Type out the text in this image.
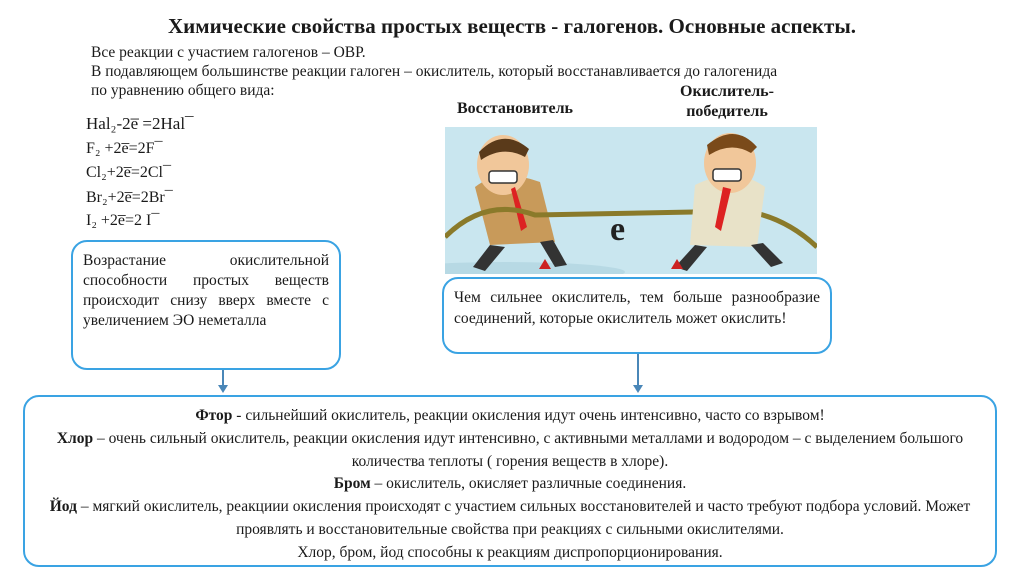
Химические свойства простых веществ - галогенов. Основные аспекты.
Все реакции с участием галогенов – ОВР.
В подавляющем большинстве реакции галоген – окислитель, который восстанавливается до галогенида
по уравнению общего вида:
Hal₂-2e̅ =2Hal¯
F₂ +2e̅=2F¯
Cl₂+2e̅=2Cl¯
Br₂+2e̅=2Br¯
I₂ +2e̅=2 I¯
Восстановитель
Окислитель-
победитель
e
Возрастание окислительной способности простых веществ происходит снизу вверх вместе с увеличением ЭО неметалла
Чем сильнее окислитель, тем больше разнообразие соединений, которые окислитель может окислить!
Фтор - сильнейший окислитель, реакции окисления идут очень интенсивно, часто со взрывом!
Хлор – очень сильный окислитель, реакции окисления идут интенсивно, с активными металлами и водородом – с выделением большого количества теплоты ( горения веществ в хлоре).
Бром – окислитель, окисляет различные соединения.
Йод – мягкий окислитель, реакциии окисления происходят с участием сильных восстановителей и часто требуют подбора условий. Может проявлять и восстановительные свойства при реакциях с сильными окислителями.
Хлор, бром, йод способны к реакциям диспропорционирования.
